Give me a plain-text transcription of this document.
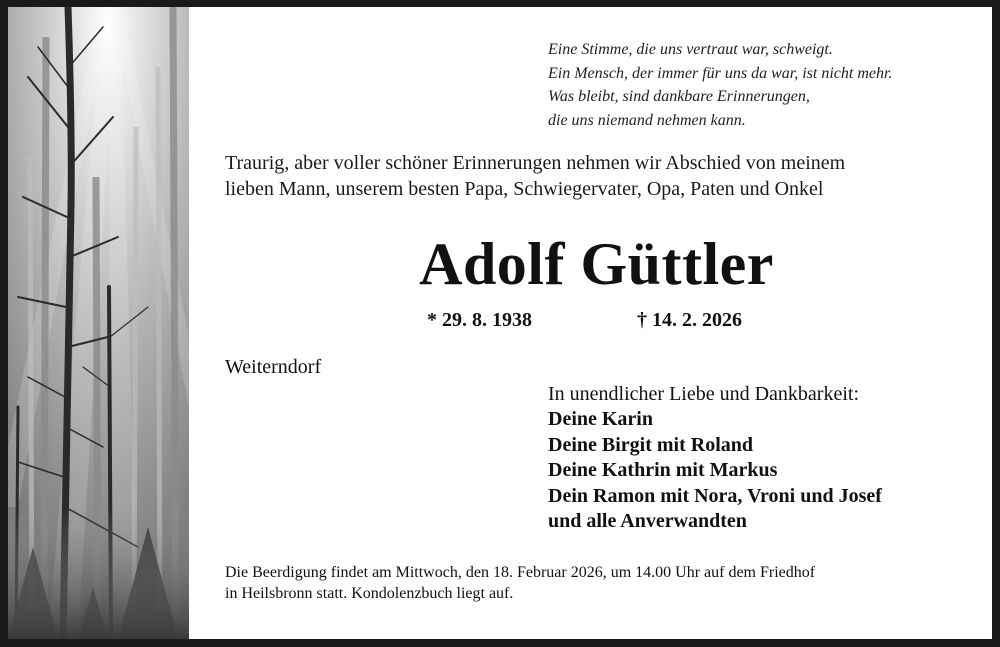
Eine Stimme, die uns vertraut war, schweigt.
Ein Mensch, der immer für uns da war, ist nicht mehr.
Was bleibt, sind dankbare Erinnerungen,
die uns niemand nehmen kann.
Traurig, aber voller schöner Erinnerungen nehmen wir Abschied von meinem
lieben Mann, unserem besten Papa, Schwiegervater, Opa, Paten und Onkel
Adolf Güttler
* 29. 8. 1938	† 14. 2. 2026
Weiterndorf
In unendlicher Liebe und Dankbarkeit:
Deine Karin
Deine Birgit mit Roland
Deine Kathrin mit Markus
Dein Ramon mit Nora, Vroni und Josef
und alle Anverwandten
Die Beerdigung findet am Mittwoch, den 18. Februar 2026, um 14.00 Uhr auf dem Friedhof
in Heilsbronn statt. Kondolenzbuch liegt auf.
